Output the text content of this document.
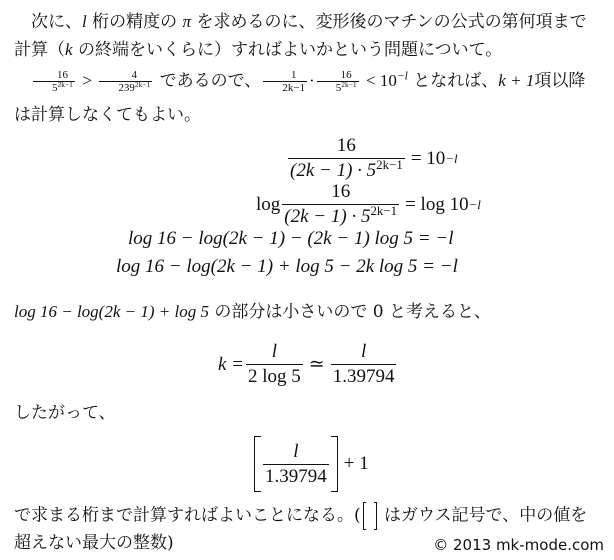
次に、l 桁の精度の π を求めるのに、変形後のマチンの公式の第何項まで計算（k の終端をいくらに）すればよいかという問題について。
$\frac{16}{5^{2k-1}} > \frac{4}{239^{2k-1}}$ であるので、 $\frac{1}{2k-1} \cdot \frac{16}{5^{2k-1}} < 10^{-l}$ となれば、k + 1項以降は計算しなくてもよい。
$\frac{16}{(2k - 1) \cdot 5^{2k-1}} = 10 -l$
$\log \frac{16}{(2k - 1) \cdot 5^{2k-1}} = \log 10 -l$
log 16 − log(2k − 1) − (2k − 1) log 5 = −l
log 16 − log(2k − 1) + log 5 − 2k log 5 = −l
log 16 − log(2k − 1) + log 5 の部分は小さいので 0 と考えると、
$k = \frac{l}{2 \log 5}$ ≃ $\frac{l}{1.39794}$
したがって、
$\frac{l}{1.39794} + 1$
で求まる桁まで計算すればよいことになる。( はガウス記号で、中の値を超えない最大の整数)	© 2013 mk-mode.com
